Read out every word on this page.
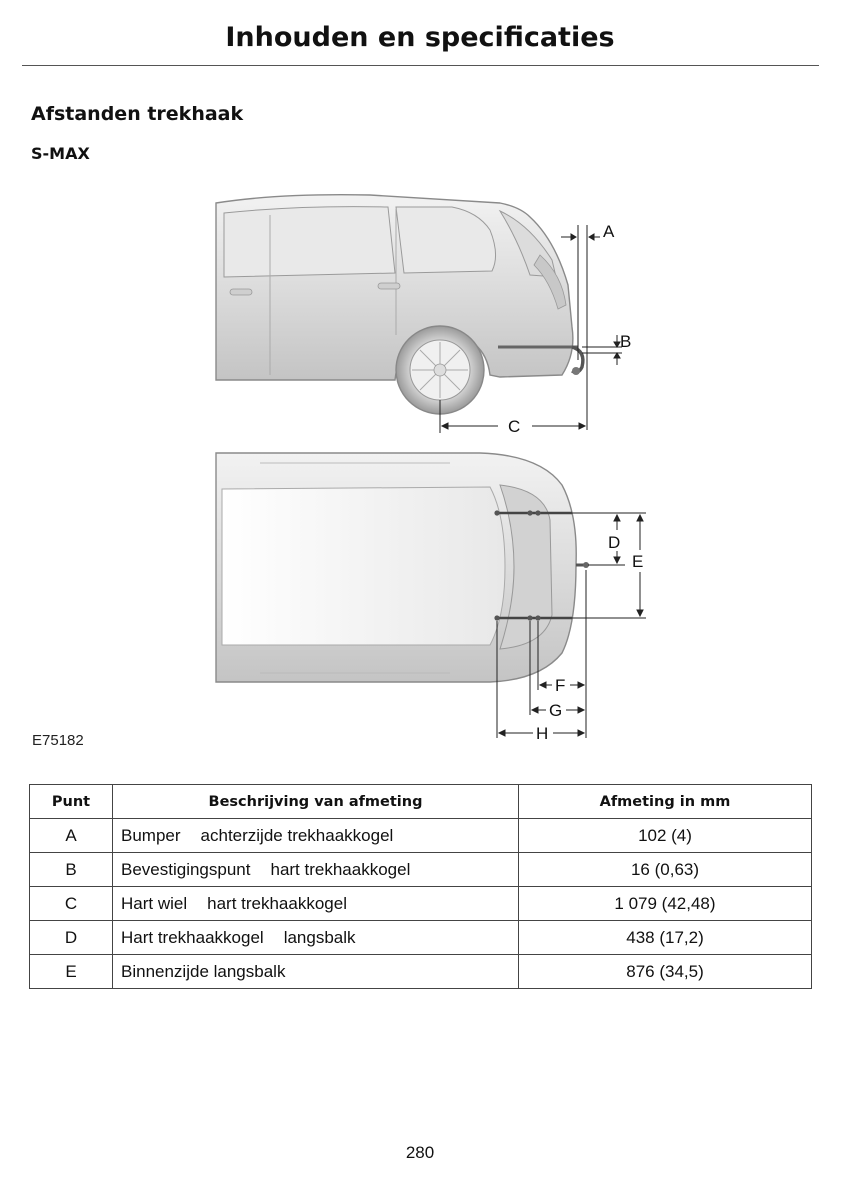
Inhouden en specificaties
Afstanden trekhaak
S-MAX
A
B
C
D
E
F
G
H
E75182
Punt	Beschrijving van afmeting	Afmeting in mm
A	Bumper achterzijde trekhaakkogel	102 (4)
B	Bevestigingspunt hart trekhaakkogel	16 (0,63)
C	Hart wiel hart trekhaakkogel	1 079 (42,48)
D	Hart trekhaakkogel langsbalk	438 (17,2)
E	Binnenzijde langsbalk	876 (34,5)
280
